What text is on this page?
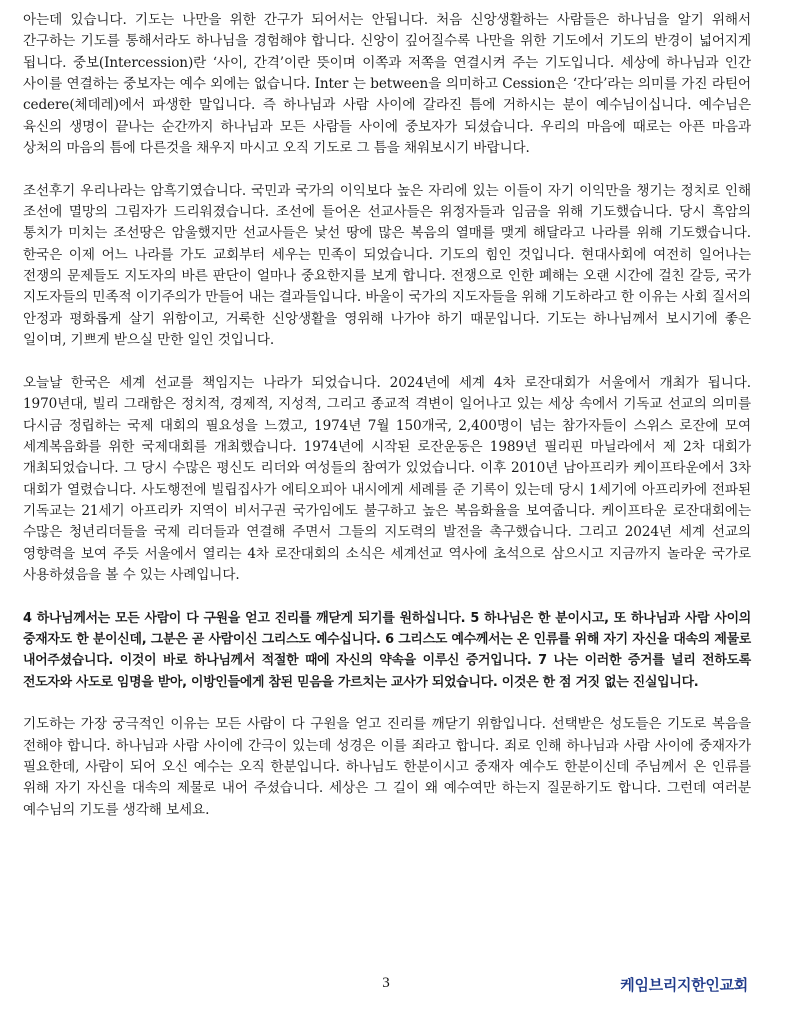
아는데 있습니다. 기도는 나만을 위한 간구가 되어서는 안됩니다. 처음 신앙생활하는 사람들은 하나님을 알기 위해서 간구하는 기도를 통해서라도 하나님을 경험해야 합니다. 신앙이 깊어질수록 나만을 위한 기도에서 기도의 반경이 넓어지게 됩니다. 중보(Intercession)란 ‘사이, 간격’이란 뜻이며 이쪽과 저쪽을 연결시켜 주는 기도입니다. 세상에 하나님과 인간 사이를 연결하는 중보자는 예수 외에는 없습니다. Inter 는 between을 의미하고 Cession은 ‘간다’라는 의미를 가진 라틴어 cedere(체데레)에서 파생한 말입니다. 즉 하나님과 사람 사이에 갈라진 틈에 거하시는 분이 예수님이십니다. 예수님은 육신의 생명이 끝나는 순간까지 하나님과 모든 사람들 사이에 중보자가 되셨습니다. 우리의 마음에 때로는 아픈 마음과 상처의 마음의 틈에 다른것을 채우지 마시고 오직 기도로 그 틈을 채워보시기 바랍니다.

조선후기 우리나라는 암흑기였습니다. 국민과 국가의 이익보다 높은 자리에 있는 이들이 자기 이익만을 챙기는 정치로 인해 조선에 멸망의 그림자가 드리워졌습니다. 조선에 들어온 선교사들은 위정자들과 임금을 위해 기도했습니다. 당시 흑암의 통치가 미치는 조선땅은 암울했지만 선교사들은 낯선 땅에 많은 복음의 열매를 맺게 해달라고 나라를 위해 기도했습니다. 한국은 이제 어느 나라를 가도 교회부터 세우는 민족이 되었습니다. 기도의 힘인 것입니다. 현대사회에 여전히 일어나는 전쟁의 문제들도 지도자의 바른 판단이 얼마나 중요한지를 보게 합니다. 전쟁으로 인한 폐해는 오랜 시간에 걸친 갈등, 국가 지도자들의 민족적 이기주의가 만들어 내는 결과들입니다. 바울이 국가의 지도자들을 위해 기도하라고 한 이유는 사회 질서의 안정과 평화롭게 살기 위함이고, 거룩한 신앙생활을 영위해 나가야 하기 때문입니다. 기도는 하나님께서 보시기에 좋은 일이며, 기쁘게 받으실 만한 일인 것입니다.

오늘날 한국은 세계 선교를 책임지는 나라가 되었습니다. 2024년에 세계 4차 로잔대회가 서울에서 개최가 됩니다. 1970년대, 빌리 그래함은 정치적, 경제적, 지성적, 그리고 종교적 격변이 일어나고 있는 세상 속에서 기독교 선교의 의미를 다시금 정립하는 국제 대회의 필요성을 느꼈고, 1974년 7월 150개국, 2,400명이 넘는 참가자들이 스위스 로잔에 모여 세계복음화를 위한 국제대회를 개최했습니다. 1974년에 시작된 로잔운동은 1989년 필리핀 마닐라에서 제 2차 대회가 개최되었습니다. 그 당시 수많은 평신도 리더와 여성들의 참여가 있었습니다. 이후 2010년 남아프리카 케이프타운에서 3차 대회가 열렸습니다. 사도행전에 빌립집사가 에티오피아 내시에게 세례를 준 기록이 있는데 당시 1세기에 아프리카에 전파된 기독교는 21세기 아프리카 지역이 비서구권 국가임에도 불구하고 높은 복음화율을 보여줍니다. 케이프타운 로잔대회에는 수많은 청년리더들을 국제 리더들과 연결해 주면서 그들의 지도력의 발전을 촉구했습니다. 그리고 2024년 세계 선교의 영향력을 보여 주듯 서울에서 열리는 4차 로잔대회의 소식은 세계선교 역사에 초석으로 삼으시고 지금까지 놀라운 국가로 사용하셨음을 볼 수 있는 사례입니다.

4 하나님께서는 모든 사람이 다 구원을 얻고 진리를 깨닫게 되기를 원하십니다. 5 하나님은 한 분이시고, 또 하나님과 사람 사이의 중재자도 한 분이신데, 그분은 곧 사람이신 그리스도 예수십니다. 6 그리스도 예수께서는 온 인류를 위해 자기 자신을 대속의 제물로 내어주셨습니다. 이것이 바로 하나님께서 적절한 때에 자신의 약속을 이루신 증거입니다. 7 나는 이러한 증거를 널리 전하도록 전도자와 사도로 임명을 받아, 이방인들에게 참된 믿음을 가르치는 교사가 되었습니다. 이것은 한 점 거짓 없는 진실입니다.

기도하는 가장 궁극적인 이유는 모든 사람이 다 구원을 얻고 진리를 깨닫기 위함입니다. 선택받은 성도들은 기도로 복음을 전해야 합니다. 하나님과 사람 사이에 간극이 있는데 성경은 이를 죄라고 합니다. 죄로 인해 하나님과 사람 사이에 중재자가 필요한데, 사람이 되어 오신 예수는 오직 한분입니다. 하나님도 한분이시고 중재자 예수도 한분이신데 주님께서 온 인류를 위해 자기 자신을 대속의 제물로 내어 주셨습니다. 세상은 그 길이 왜 예수여만 하는지 질문하기도 합니다. 그런데 여러분 예수님의 기도를 생각해 보세요.

3	케임브리지한인교회
